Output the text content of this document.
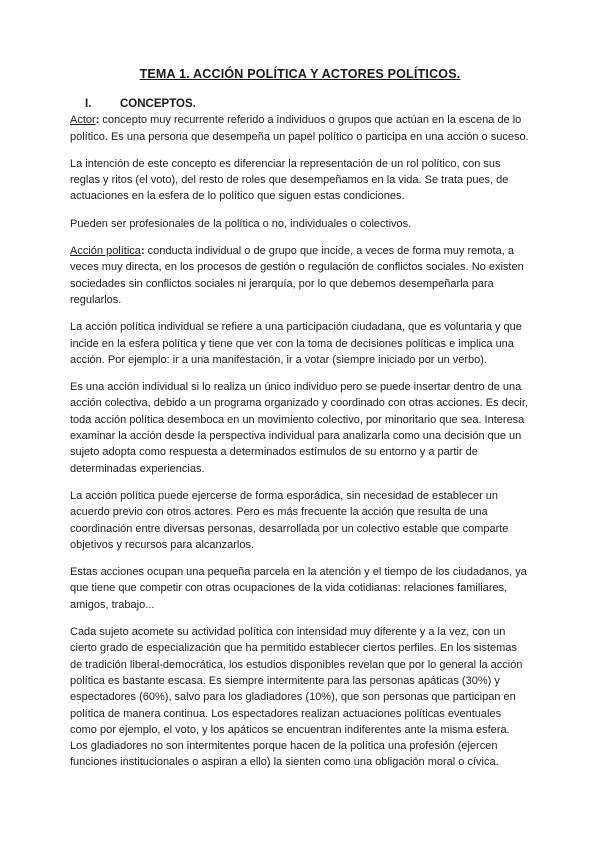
TEMA 1. ACCIÓN POLÍTICA Y ACTORES POLÍTICOS.
I. CONCEPTOS.

Actor: concepto muy recurrente referido a individuos o grupos que actúan en la escena de lo político. Es una persona que desempeña un papel político o participa en una acción o suceso.

La intención de este concepto es diferenciar la representación de un rol político, con sus reglas y ritos (el voto), del resto de roles que desempeñamos en la vida. Se trata pues, de actuaciones en la esfera de lo político que siguen estas condiciones.

Pueden ser profesionales de la política o no, individuales o colectivos.

Acción política: conducta individual o de grupo que incide, a veces de forma muy remota, a veces muy directa, en los procesos de gestión o regulación de conflictos sociales. No existen sociedades sin conflictos sociales ni jerarquía, por lo que debemos desempeñarla para regularlos.

La acción política individual se refiere a una participación ciudadana, que es voluntaria y que incide en la esfera política y tiene que ver con la toma de decisiones políticas e implica una acción. Por ejemplo: ir a una manifestación, ir a votar (siempre iniciado por un verbo).

Es una acción individual si lo realiza un único individuo pero se puede insertar dentro de una acción colectiva, debido a un programa organizado y coordinado con otras acciones. Es decir, toda acción política desemboca en un movimiento colectivo, por minoritario que sea. Interesa examinar la acción desde la perspectiva individual para analizarla como una decisión que un sujeto adopta como respuesta a determinados estímulos de su entorno y a partir de determinadas experiencias.

La acción política puede ejercerse de forma esporádica, sin necesidad de establecer un acuerdo previo con otros actores. Pero es más frecuente la acción que resulta de una coordinación entre diversas personas, desarrollada por un colectivo estable que comparte objetivos y recursos para alcanzarlos.

Estas acciones ocupan una pequeña parcela en la atención y el tiempo de los ciudadanos, ya que tiene que competir con otras ocupaciones de la vida cotidianas: relaciones familiares, amigos, trabajo...

Cada sujeto acomete su actividad política con intensidad muy diferente y a la vez, con un cierto grado de especialización que ha permitido establecer ciertos perfiles. En los sistemas de tradición liberal-democrática, los estudios disponibles revelan que por lo general la acción política es bastante escasa. Es siempre intermitente para las personas apáticas (30%) y espectadores (60%), salvo para los gladiadores (10%), que son personas que participan en política de manera continua. Los espectadores realizan actuaciones políticas eventuales como por ejemplo, el voto, y los apáticos se encuentran indiferentes ante la misma esfera. Los gladiadores no son intermitentes porque hacen de la política una profesión (ejercen funciones institucionales o aspiran a ello) la sienten como una obligación moral o cívica.
